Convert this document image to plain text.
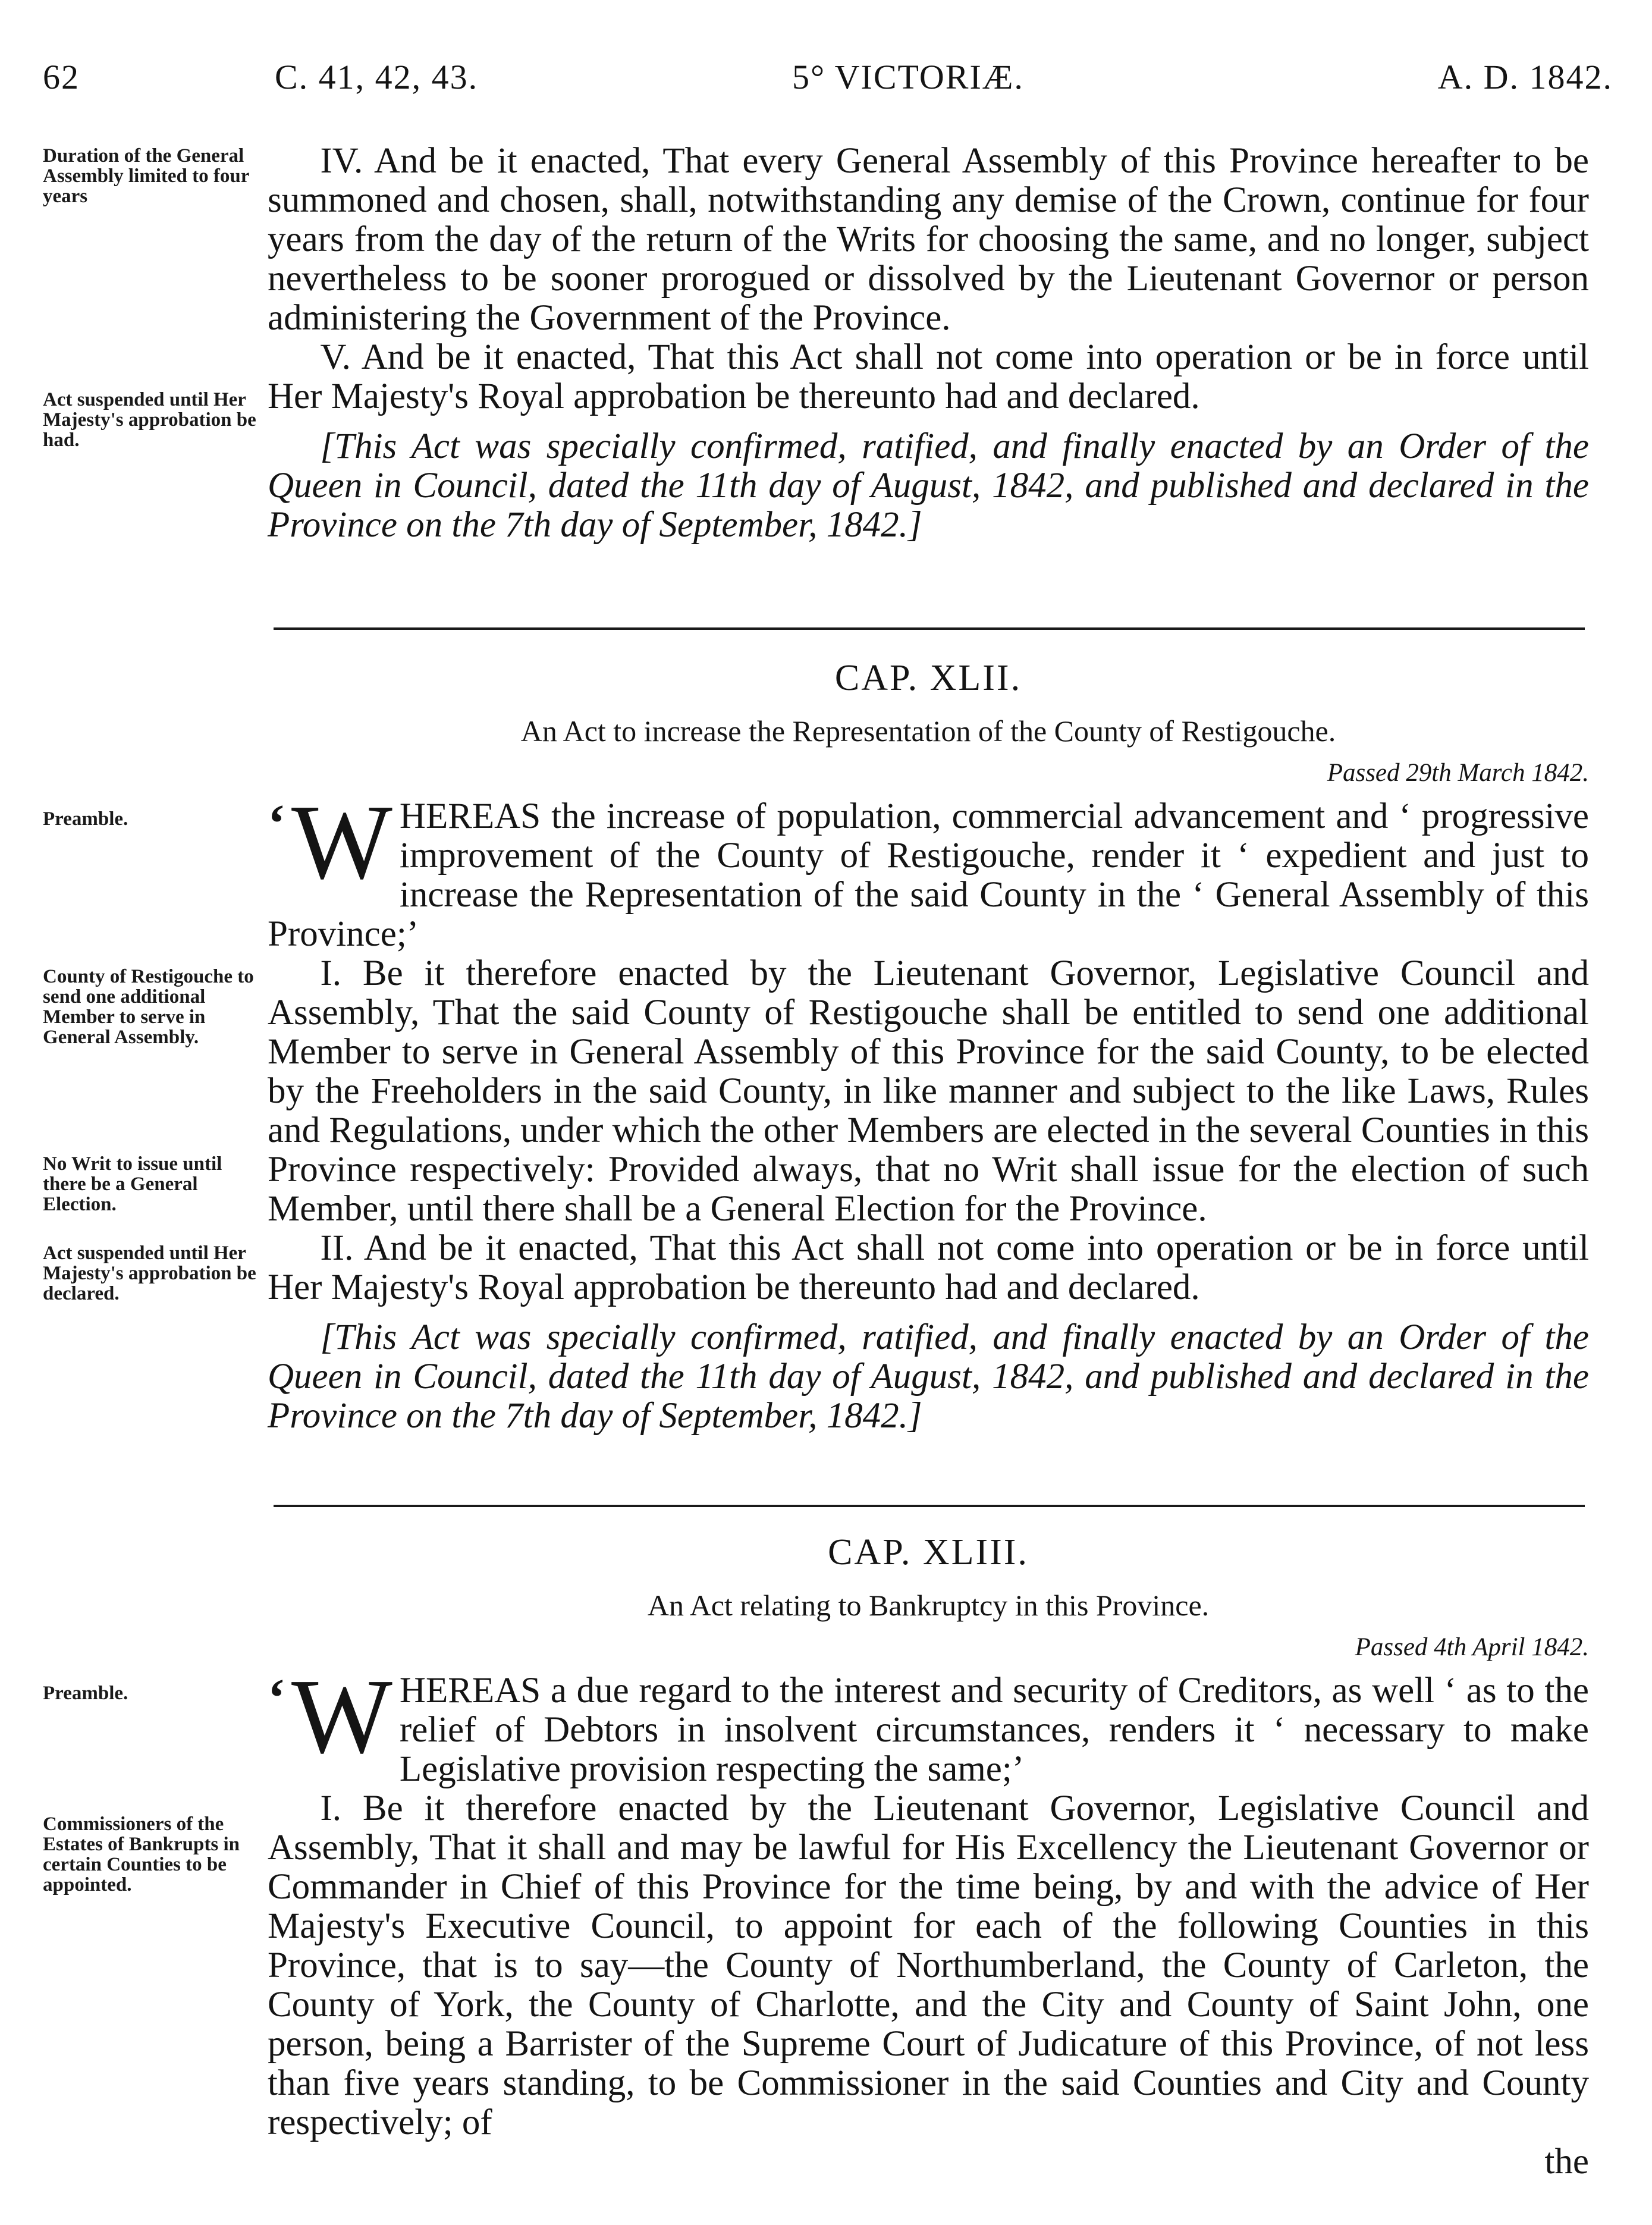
62	C. 41, 42, 43.	5° VICTORIÆ.	A. D. 1842.
Duration of the General Assembly limited to four years
Act suspended until Her Majesty's approbation be had.

IV. And be it enacted, That every General Assembly of this Province hereafter to be summoned and chosen, shall, notwithstanding any demise of the Crown, continue for four years from the day of the return of the Writs for choosing the same, and no longer, subject nevertheless to be sooner prorogued or dissolved by the Lieutenant Governor or person administering the Government of the Province.

V. And be it enacted, That this Act shall not come into operation or be in force until Her Majesty's Royal approbation be thereunto had and declared.

[This Act was specially confirmed, ratified, and finally enacted by an Order of the Queen in Council, dated the 11th day of August, 1842, and published and declared in the Province on the 7th day of September, 1842.]

CAP. XLII.
An Act to increase the Representation of the County of Restigouche.
Passed 29th March 1842.
Preamble.
County of Restigouche to send one additional Member to serve in General Assembly.
No Writ to issue until there be a General Election.
Act suspended until Her Majesty's approbation be declared.
‘ W HEREAS the increase of population, commercial advancement and ‘ progressive improvement of the County of Restigouche, render it ‘ expedient and just to increase the Representation of the said County in the ‘ General Assembly of this Province;’

I. Be it therefore enacted by the Lieutenant Governor, Legislative Council and Assembly, That the said County of Restigouche shall be entitled to send one additional Member to serve in General Assembly of this Province for the said County, to be elected by the Freeholders in the said County, in like manner and subject to the like Laws, Rules and Regulations, under which the other Members are elected in the several Counties in this Province respectively: Provided always, that no Writ shall issue for the election of such Member, until there shall be a General Election for the Province.

II. And be it enacted, That this Act shall not come into operation or be in force until Her Majesty's Royal approbation be thereunto had and declared.

[This Act was specially confirmed, ratified, and finally enacted by an Order of the Queen in Council, dated the 11th day of August, 1842, and published and declared in the Province on the 7th day of September, 1842.]

CAP. XLIII.
An Act relating to Bankruptcy in this Province.
Passed 4th April 1842.
Preamble.
Commissioners of the Estates of Bankrupts in certain Counties to be appointed.
‘ W HEREAS a due regard to the interest and security of Creditors, as well ‘ as to the relief of Debtors in insolvent circumstances, renders it ‘ necessary to make Legislative provision respecting the same;’

I. Be it therefore enacted by the Lieutenant Governor, Legislative Council and Assembly, That it shall and may be lawful for His Excellency the Lieutenant Governor or Commander in Chief of this Province for the time being, by and with the advice of Her Majesty's Executive Council, to appoint for each of the following Counties in this Province, that is to say—the County of Northumberland, the County of Carleton, the County of York, the County of Charlotte, and the City and County of Saint John, one person, being a Barrister of the Supreme Court of Judicature of this Province, of not less than five years standing, to be Commissioner in the said Counties and City and County respectively; of

the
